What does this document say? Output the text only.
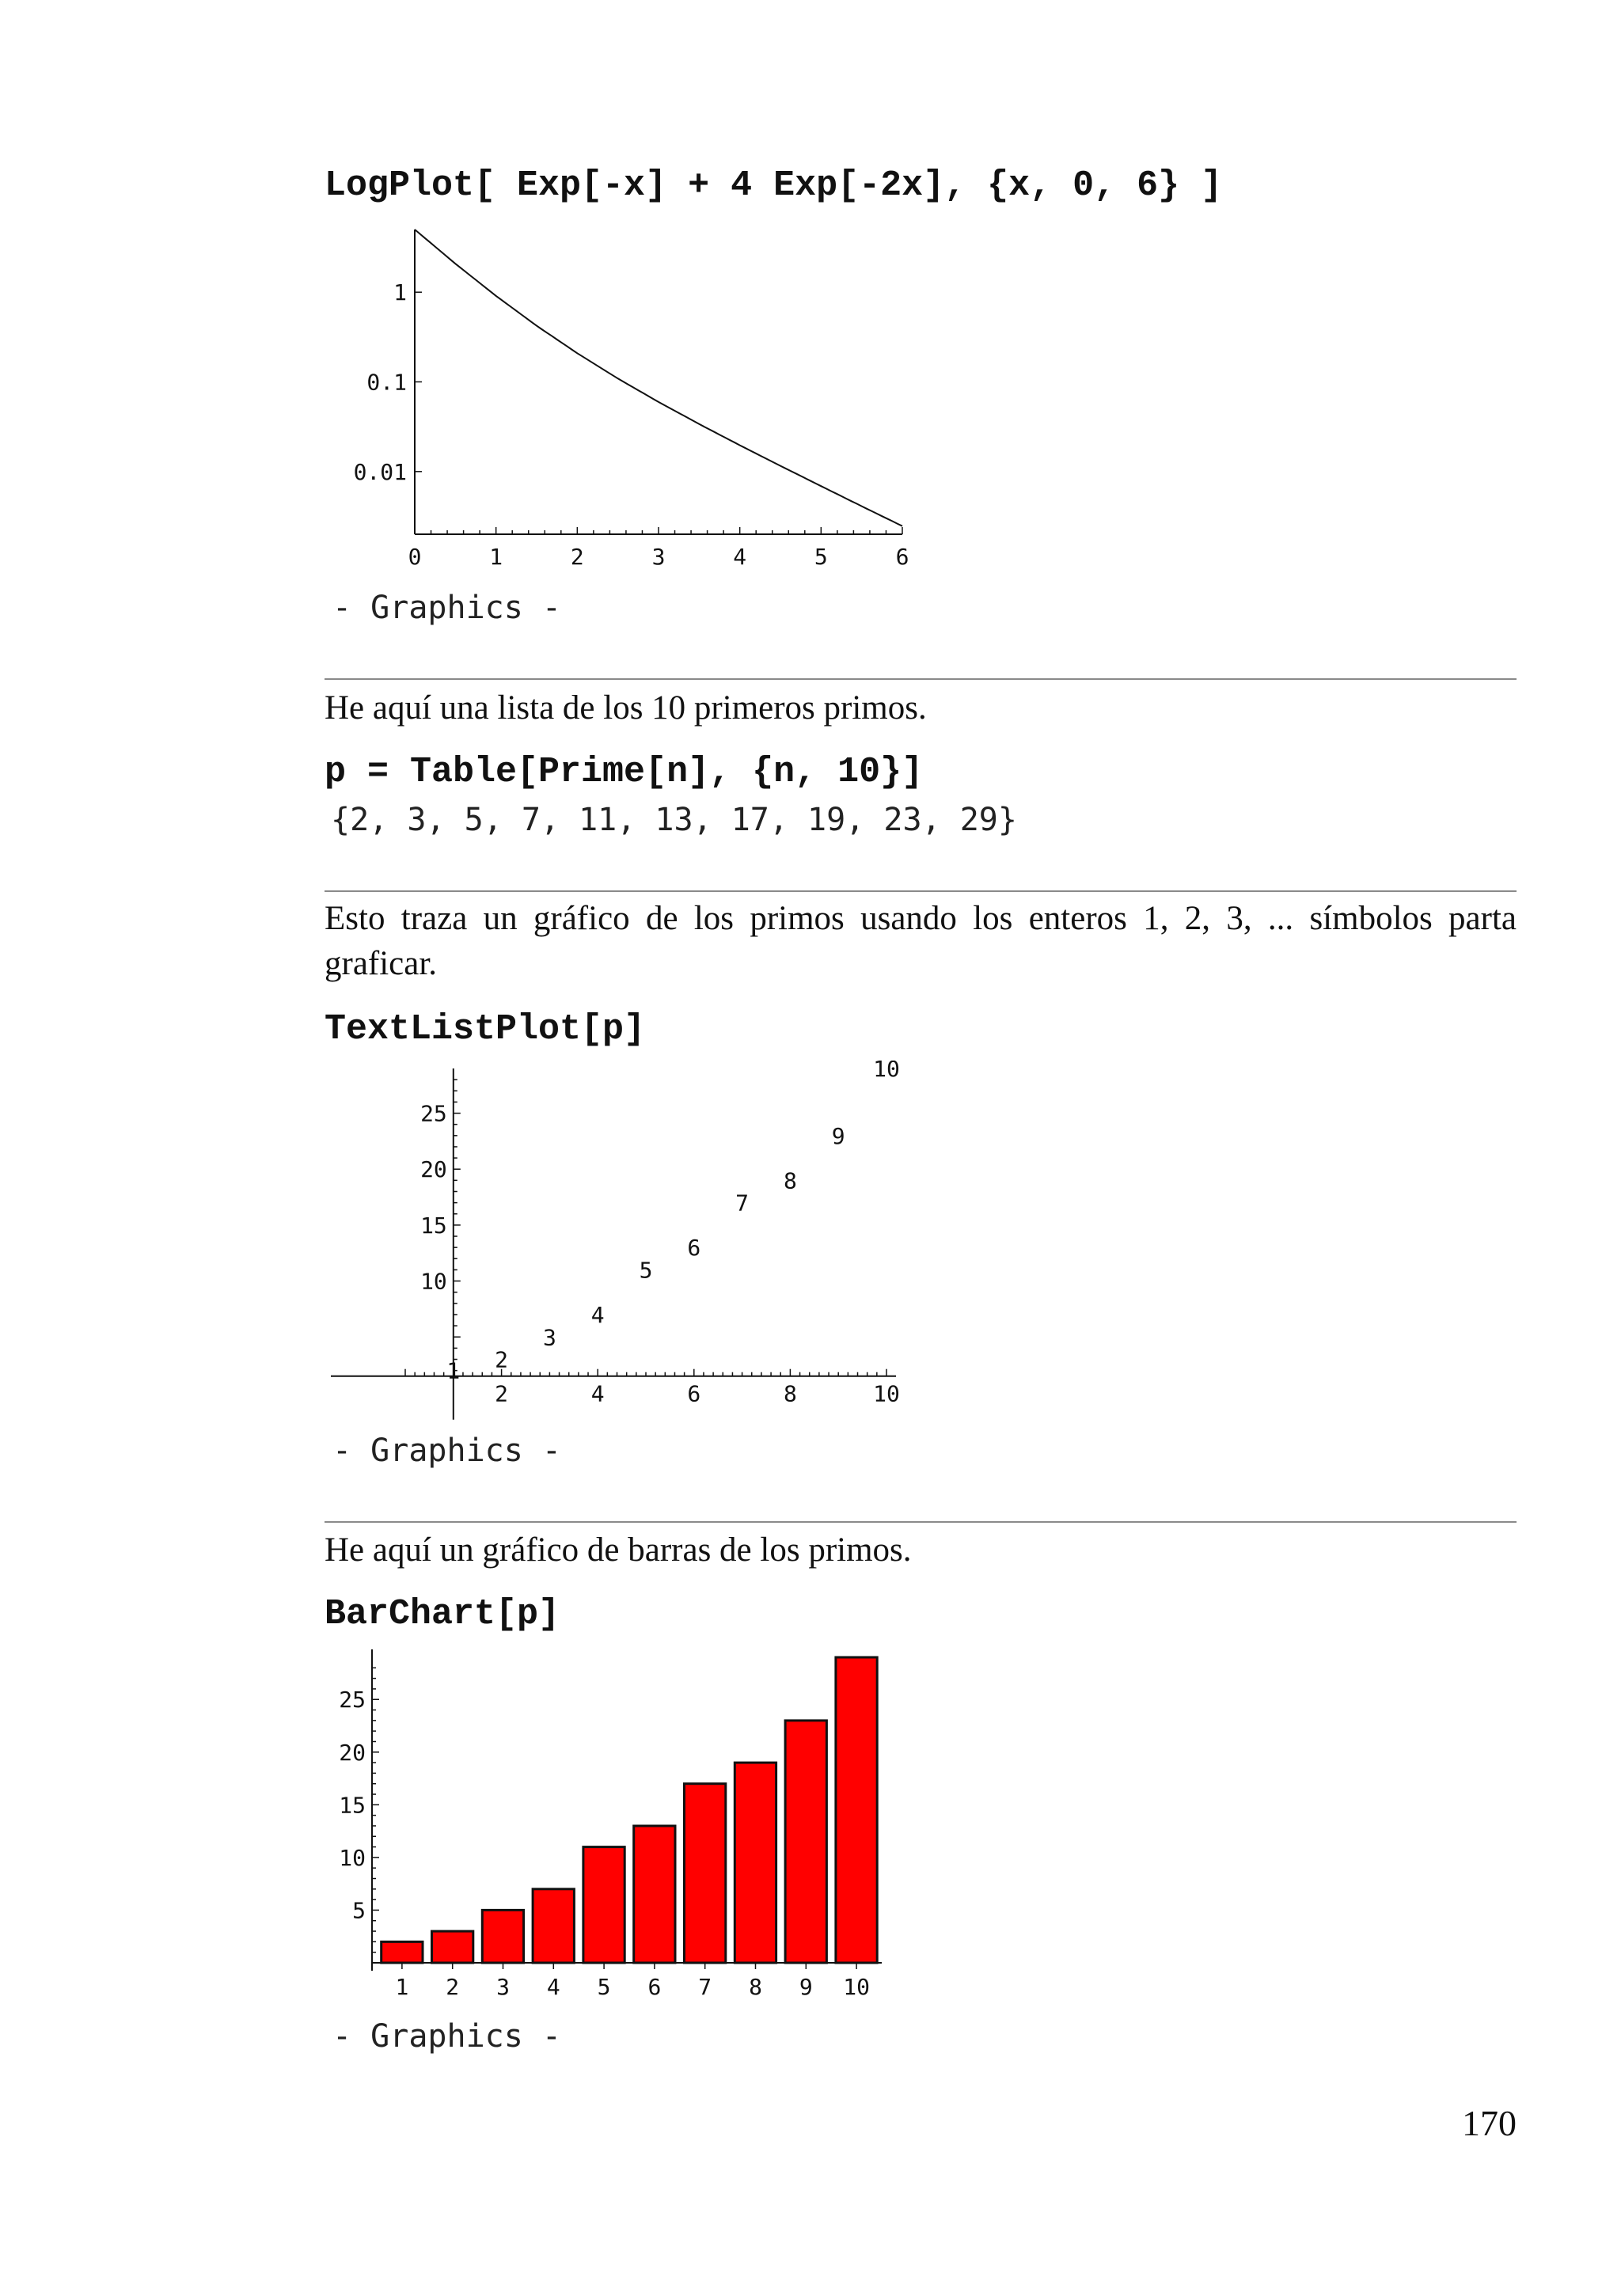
LogPlot[ Exp[-x] + 4 Exp[-2x], {x, 0, 6} ]
0	1	2	3	4	5	6
1
0.1
0.01
- Graphics -
He aquí una lista de los 10 primeros primos.
p = Table[Prime[n], {n, 10}]
{2, 3, 5, 7, 11, 13, 17, 19, 23, 29}
Esto traza un gráfico de los primos usando los enteros 1, 2, 3, ... símbolos parta graficar.
TextListPlot[p]
2	4	6	8	10
10
15
20
25
1 2
3
4
5
6
7
8
9
10
- Graphics -
He aquí un gráfico de barras de los primos.
BarChart[p]
1 2 3 4 5 6 7 8 9 10
5
10
15
20
25
- Graphics -
170
